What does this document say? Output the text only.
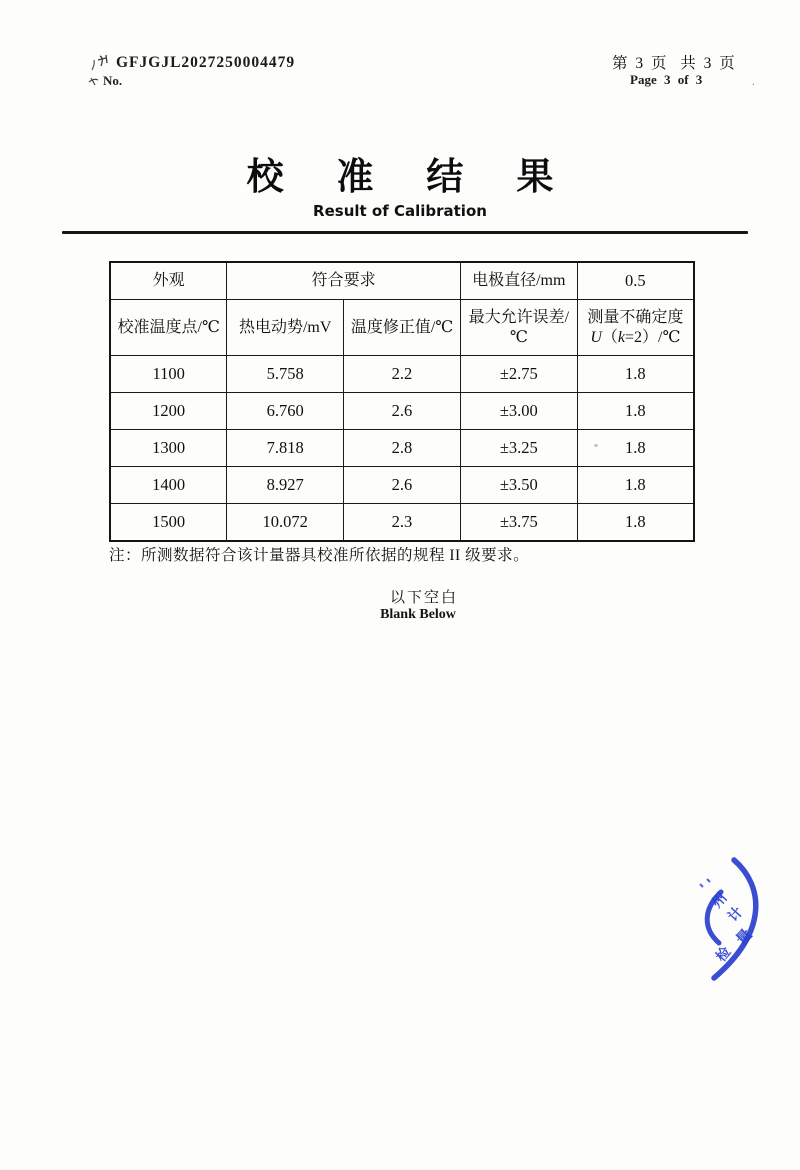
GFJGJL2027250004479
No.
第 3 页  共 3 页
Page 3 of 3	.
校 准 结 果
Result of Calibration
外观	符合要求		电极直径/mm	0.5
校准温度点/℃	热电动势/mV	温度修正值/℃	最大允许误差/℃	测量不确定度
U（k=2）/℃
1100	5.758	2.2	±2.75	1.8
1200	6.760	2.6	±3.00	1.8
1300	7.818	2.8	±3.25	1.8
1400	8.927	2.6	±3.50	1.8
1500	10.072	2.3	±3.75	1.8
注：所测数据符合该计量器具校准所依据的规程 II 级要求。
以下空白
Blank Below
州
计
量
检
